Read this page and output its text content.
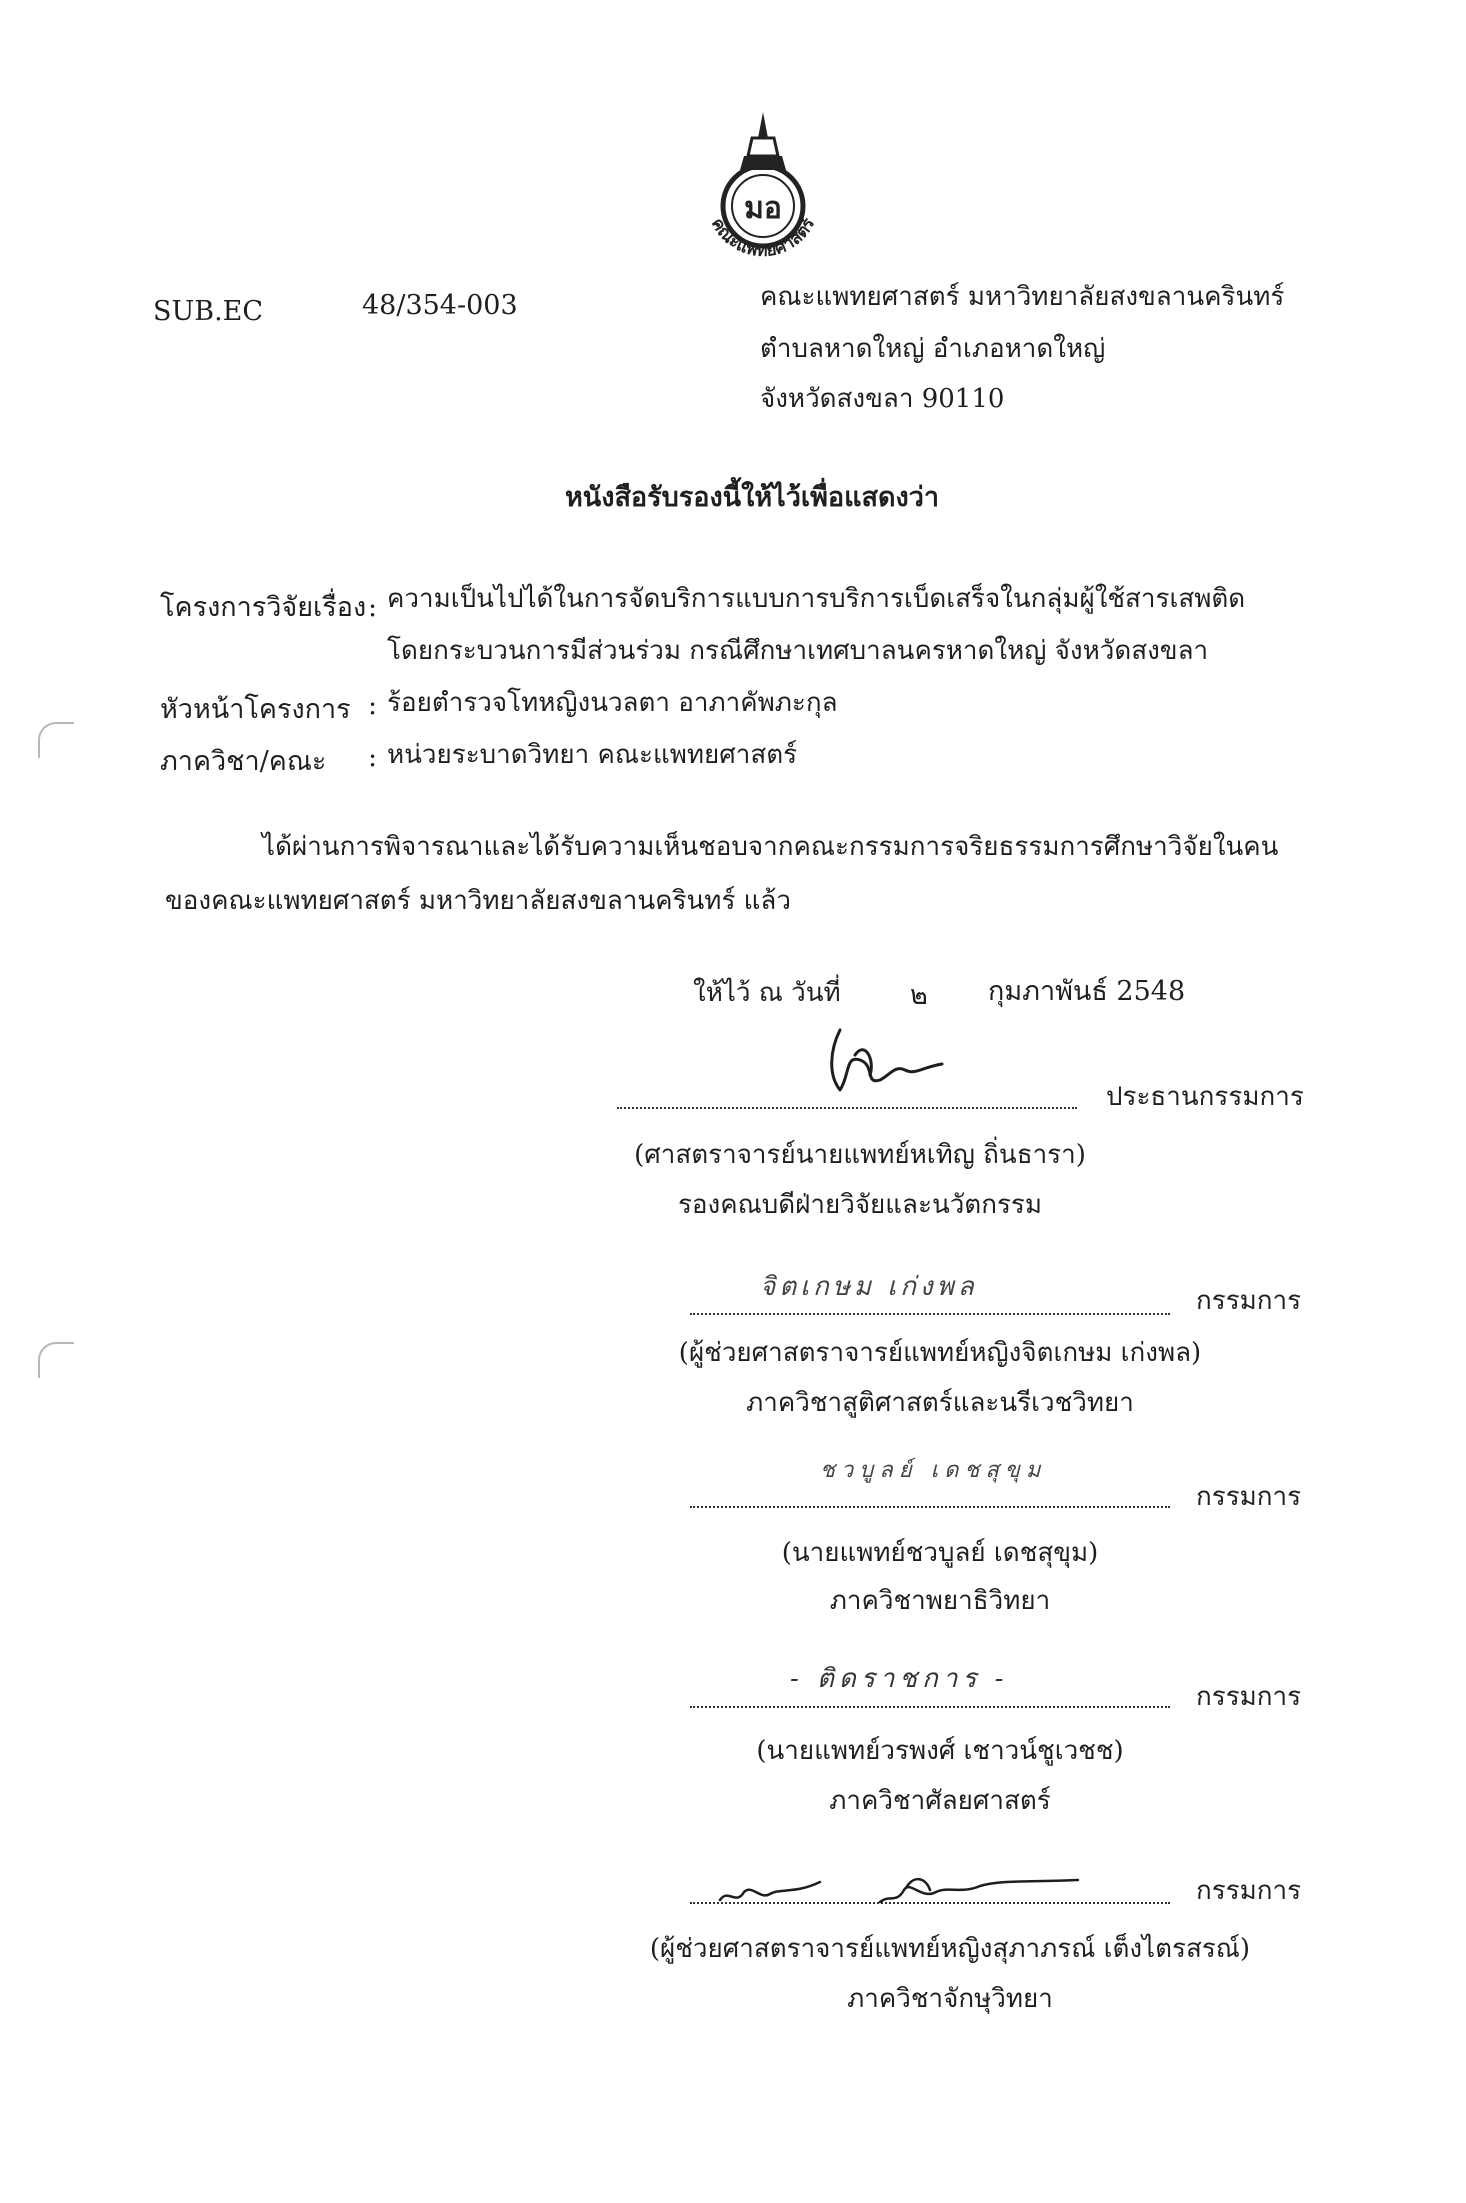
มอ
คณะแพทยศาสตร์
SUB.EC	48/354-003	คณะแพทยศาสตร์ มหาวิทยาลัยสงขลานครินทร์
ตำบลหาดใหญ่ อำเภอหาดใหญ่
จังหวัดสงขลา 90110
หนังสือรับรองนี้ให้ไว้เพื่อแสดงว่า
โครงการวิจัยเรื่อง : ความเป็นไปได้ในการจัดบริการแบบการบริการเบ็ดเสร็จในกลุ่มผู้ใช้สารเสพติด
โดยกระบวนการมีส่วนร่วม กรณีศึกษาเทศบาลนครหาดใหญ่ จังหวัดสงขลา
หัวหน้าโครงการ : ร้อยตำรวจโทหญิงนวลตา อาภาคัพภะกุล
ภาควิชา/คณะ : หน่วยระบาดวิทยา คณะแพทยศาสตร์
ได้ผ่านการพิจารณาและได้รับความเห็นชอบจากคณะกรรมการจริยธรรมการศึกษาวิจัยในคน
ของคณะแพทยศาสตร์ มหาวิทยาลัยสงขลานครินทร์ แล้ว
ให้ไว้ ณ วันที่	๒ กุมภาพันธ์ 2548
ประธานกรรมการ
(ศาสตราจารย์นายแพทย์หเทิญ ถิ่นธารา)
รองคณบดีฝ่ายวิจัยและนวัตกรรม
จิตเกษม เก่งพล	กรรมการ
(ผู้ช่วยศาสตราจารย์แพทย์หญิงจิตเกษม เก่งพล)
ภาควิชาสูติศาสตร์และนรีเวชวิทยา
ชวบูลย์ เดชสุขุม
กรรมการ
(นายแพทย์ชวบูลย์ เดชสุขุม)
ภาควิชาพยาธิวิทยา
- ติดราชการ -
กรรมการ
(นายแพทย์วรพงศ์ เชาวน์ชูเวชช)
ภาควิชาศัลยศาสตร์
กรรมการ
(ผู้ช่วยศาสตราจารย์แพทย์หญิงสุภาภรณ์ เต็งไตรสรณ์)
ภาควิชาจักษุวิทยา
